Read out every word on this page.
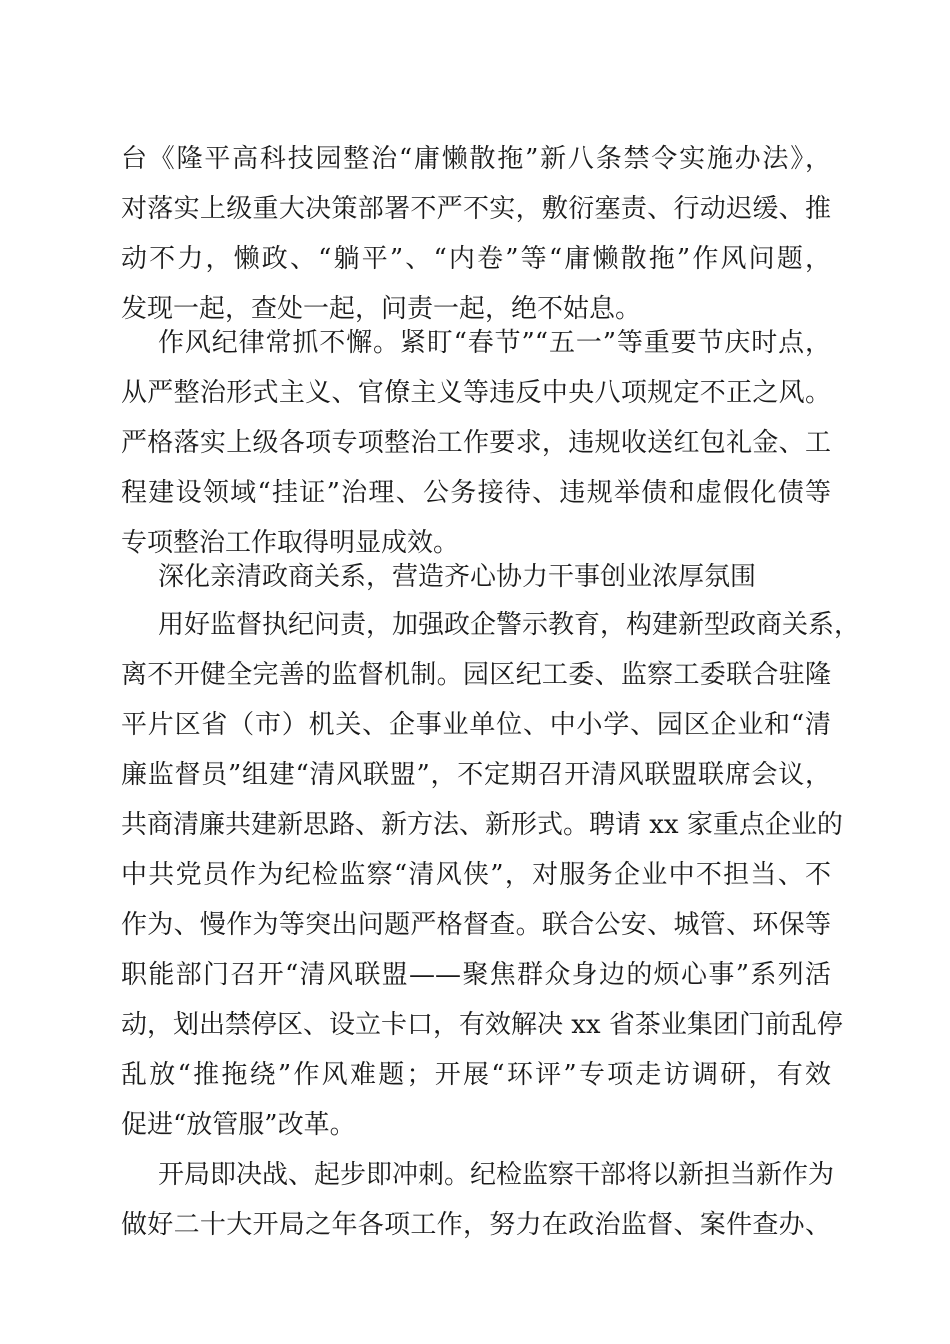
台《隆平高科技园整治“庸懒散拖”新八条禁令实施办法》，

对落实上级重大决策部署不严不实，敷衍塞责、行动迟缓、推

动不力，懒政、“躺平”、“内卷”等“庸懒散拖”作风问题，

发现一起，查处一起，问责一起，绝不姑息。

作风纪律常抓不懈。紧盯“春节”“五一”等重要节庆时点，

从严整治形式主义、官僚主义等违反中央八项规定不正之风。

严格落实上级各项专项整治工作要求，违规收送红包礼金、工

程建设领域“挂证”治理、公务接待、违规举债和虚假化债等

专项整治工作取得明显成效。

深化亲清政商关系，营造齐心协力干事创业浓厚氛围

用好监督执纪问责，加强政企警示教育，构建新型政商关系，

离不开健全完善的监督机制。园区纪工委、监察工委联合驻隆

平片区省（市）机关、企事业单位、中小学、园区企业和“清

廉监督员”组建“清风联盟”，不定期召开清风联盟联席会议，

共商清廉共建新思路、新方法、新形式。聘请 xx 家重点企业的

中共党员作为纪检监察“清风侠”，对服务企业中不担当、不

作为、慢作为等突出问题严格督查。联合公安、城管、环保等

职能部门召开“清风联盟——聚焦群众身边的烦心事”系列活

动，划出禁停区、设立卡口，有效解决 xx 省茶业集团门前乱停

乱放“推拖绕”作风难题；开展“环评”专项走访调研，有效

促进“放管服”改革。

开局即决战、起步即冲刺。纪检监察干部将以新担当新作为

做好二十大开局之年各项工作，努力在政治监督、案件查办、
